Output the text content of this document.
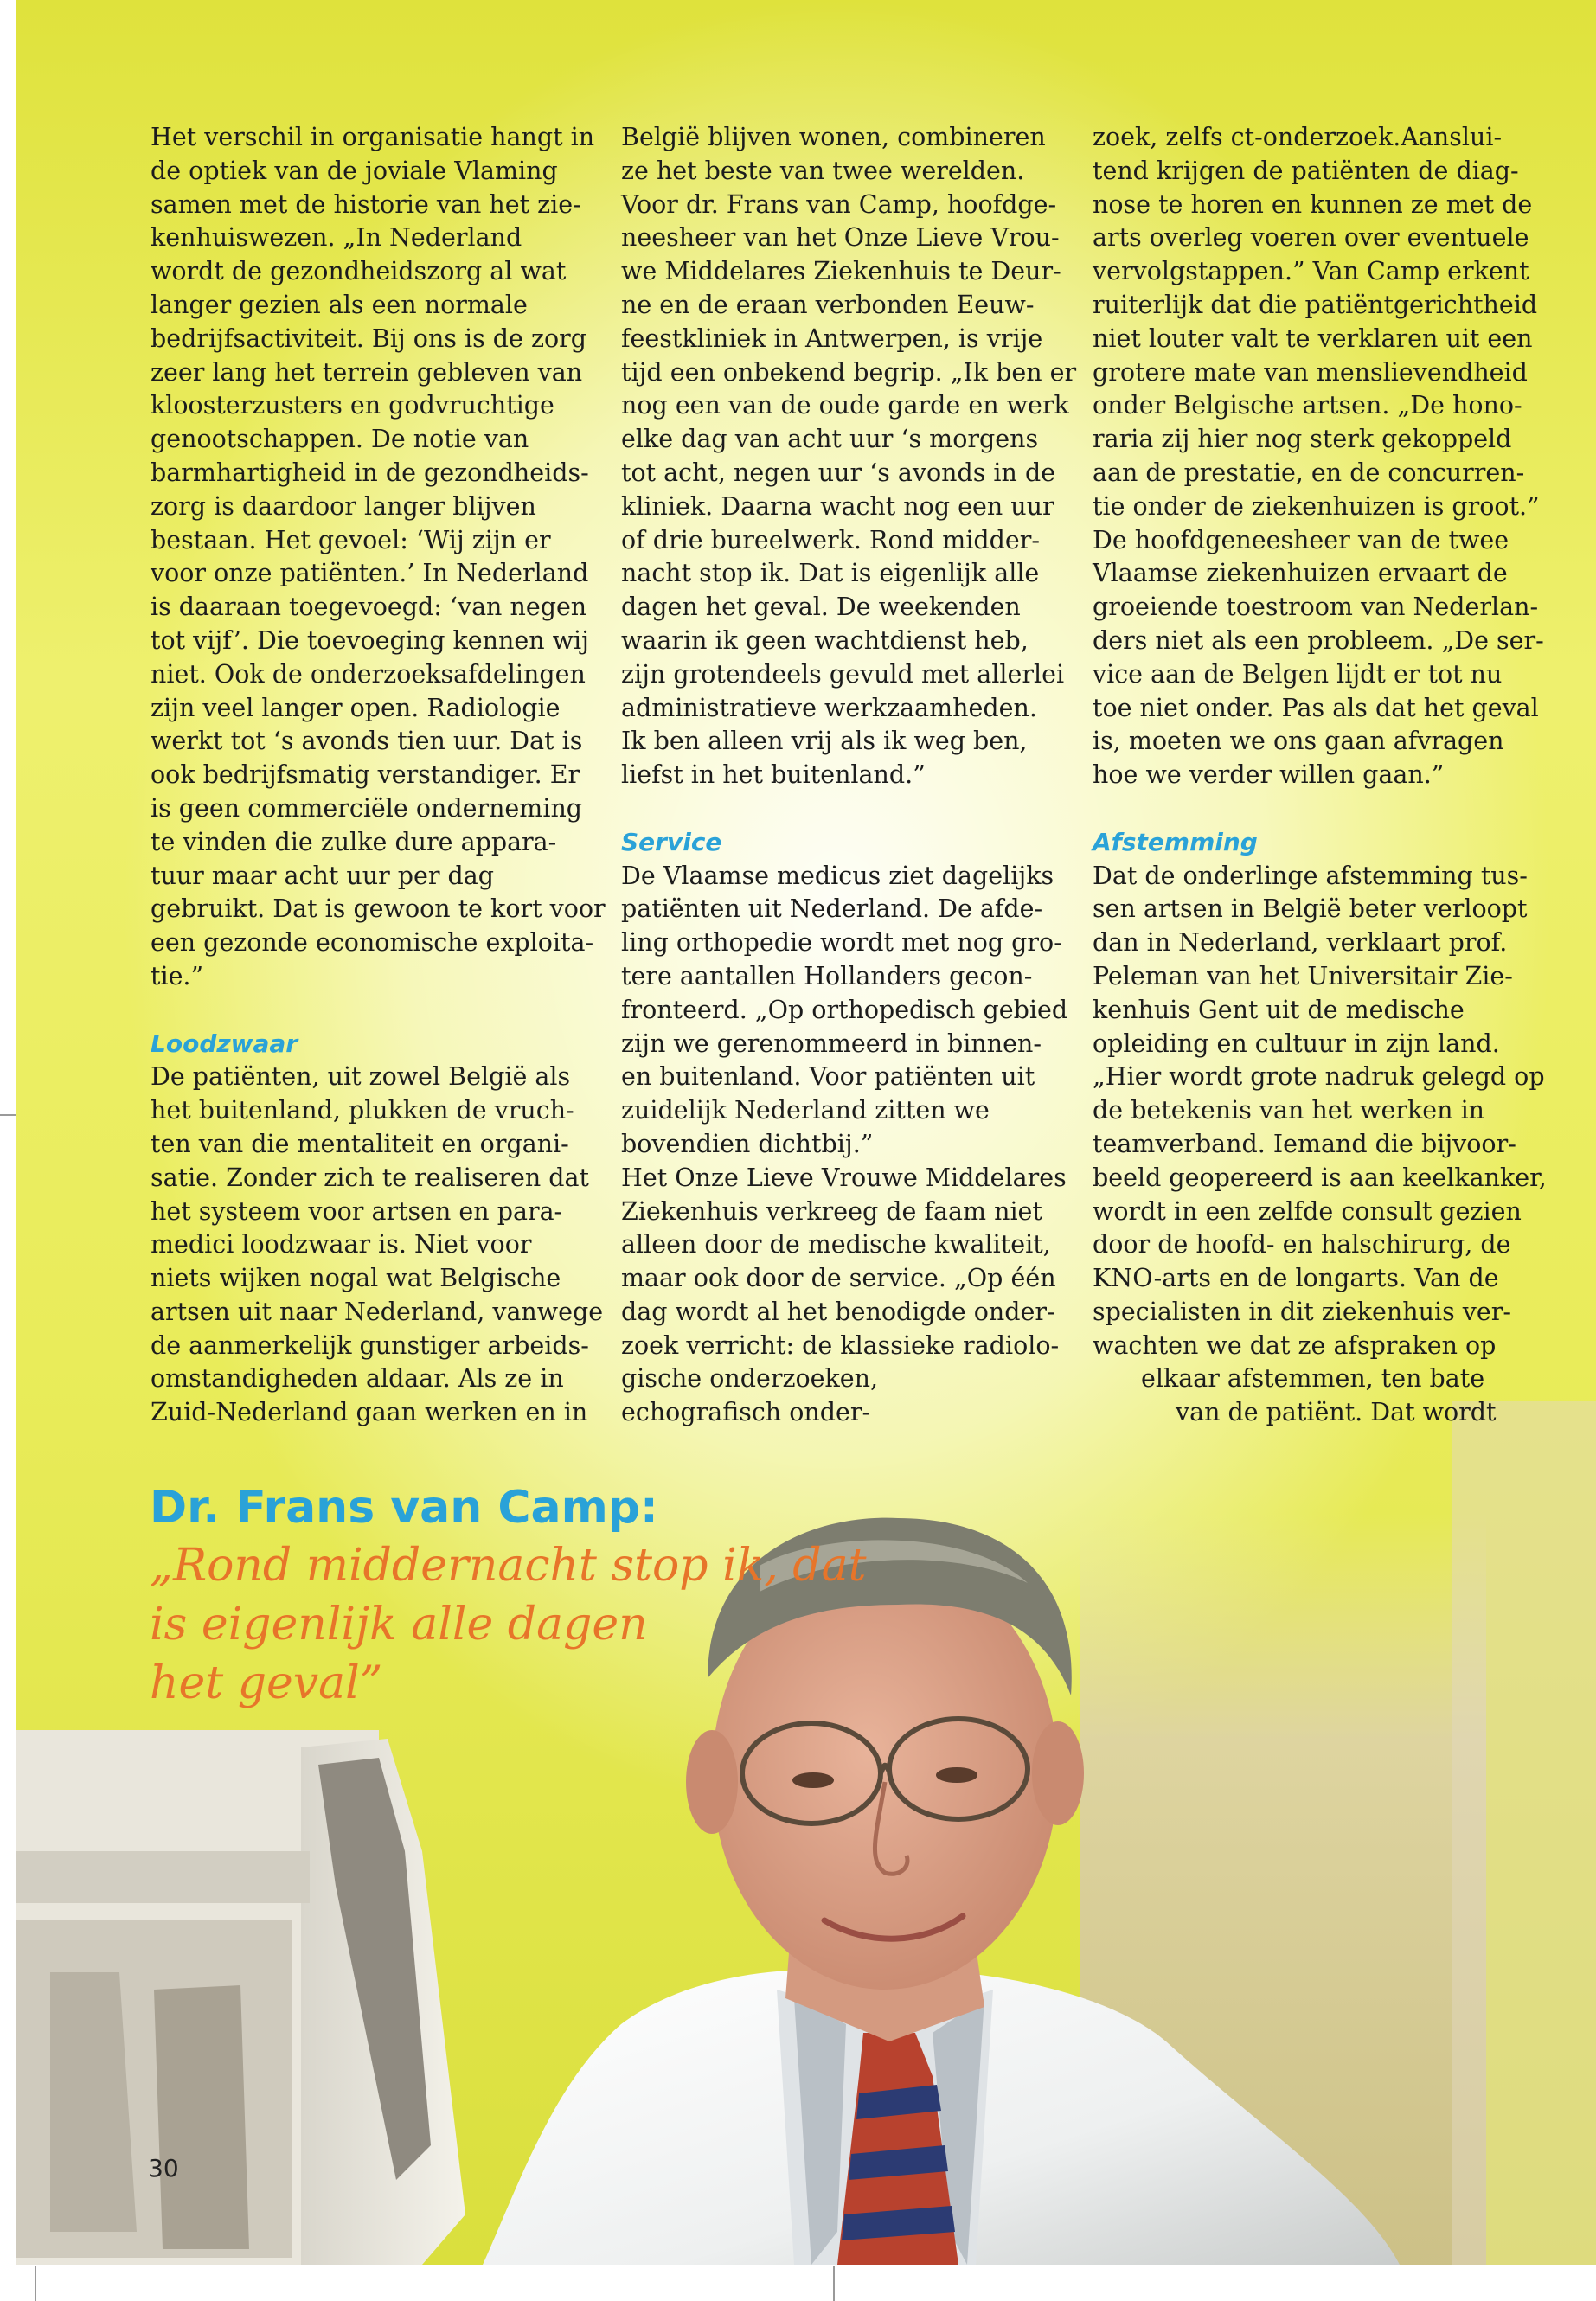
Het verschil in organisatie hangt in

de optiek van de joviale Vlaming

samen met de historie van het zie-

kenhuiswezen. „In Nederland

wordt de gezondheidszorg al wat

langer gezien als een normale

bedrijfsactiviteit. Bij ons is de zorg

zeer lang het terrein gebleven van

kloosterzusters en godvruchtige

genootschappen. De notie van

barmhartigheid in de gezondheids-

zorg is daardoor langer blijven

bestaan. Het gevoel: ‘Wij zijn er

voor onze patiënten.’ In Nederland

is daaraan toegevoegd: ‘van negen

tot vijf’. Die toevoeging kennen wij

niet. Ook de onderzoeksafdelingen

zijn veel langer open. Radiologie

werkt tot ‘s avonds tien uur. Dat is

ook bedrijfsmatig verstandiger. Er

is geen commerciële onderneming

te vinden die zulke dure appara-

tuur maar acht uur per dag

gebruikt. Dat is gewoon te kort voor

een gezonde economische exploita-

tie.”

Loodzwaar

De patiënten, uit zowel België als

het buitenland, plukken de vruch-

ten van die mentaliteit en organi-

satie. Zonder zich te realiseren dat

het systeem voor artsen en para-

medici loodzwaar is. Niet voor

niets wijken nogal wat Belgische

artsen uit naar Nederland, vanwege

de aanmerkelijk gunstiger arbeids-

omstandigheden aldaar. Als ze in

Zuid-Nederland gaan werken en in

België blijven wonen, combineren

ze het beste van twee werelden.

Voor dr. Frans van Camp, hoofdge-

neesheer van het Onze Lieve Vrou-

we Middelares Ziekenhuis te Deur-

ne en de eraan verbonden Eeuw-

feestkliniek in Antwerpen, is vrije

tijd een onbekend begrip. „Ik ben er

nog een van de oude garde en werk

elke dag van acht uur ‘s morgens

tot acht, negen uur ‘s avonds in de

kliniek. Daarna wacht nog een uur

of drie bureelwerk. Rond midder-

nacht stop ik. Dat is eigenlijk alle

dagen het geval. De weekenden

waarin ik geen wachtdienst heb,

zijn grotendeels gevuld met allerlei

administratieve werkzaamheden.

Ik ben alleen vrij als ik weg ben,

liefst in het buitenland.”

Service

De Vlaamse medicus ziet dagelijks

patiënten uit Nederland. De afde-

ling orthopedie wordt met nog gro-

tere aantallen Hollanders gecon-

fronteerd. „Op orthopedisch gebied

zijn we gerenommeerd in binnen-

en buitenland. Voor patiënten uit

zuidelijk Nederland zitten we

bovendien dichtbij.”

Het Onze Lieve Vrouwe Middelares

Ziekenhuis verkreeg de faam niet

alleen door de medische kwaliteit,

maar ook door de service. „Op één

dag wordt al het benodigde onder-

zoek verricht: de klassieke radiolo-

gische onderzoeken,

echografisch onder-

zoek, zelfs ct-onderzoek.Aanslui-

tend krijgen de patiënten de diag-

nose te horen en kunnen ze met de

arts overleg voeren over eventuele

vervolgstappen.” Van Camp erkent

ruiterlijk dat die patiëntgerichtheid

niet louter valt te verklaren uit een

grotere mate van menslievendheid

onder Belgische artsen. „De hono-

raria zij hier nog sterk gekoppeld

aan de prestatie, en de concurren-

tie onder de ziekenhuizen is groot.”

De hoofdgeneesheer van de twee

Vlaamse ziekenhuizen ervaart de

groeiende toestroom van Nederlan-

ders niet als een probleem. „De ser-

vice aan de Belgen lijdt er tot nu

toe niet onder. Pas als dat het geval

is, moeten we ons gaan afvragen

hoe we verder willen gaan.”

Afstemming

Dat de onderlinge afstemming tus-

sen artsen in België beter verloopt

dan in Nederland, verklaart prof.

Peleman van het Universitair Zie-

kenhuis Gent uit de medische

opleiding en cultuur in zijn land.

„Hier wordt grote nadruk gelegd op

de betekenis van het werken in

teamverband. Iemand die bijvoor-

beeld geopereerd is aan keelkanker,

wordt in een zelfde consult gezien

door de hoofd- en halschirurg, de

KNO-arts en de longarts. Van de

specialisten in dit ziekenhuis ver-

wachten we dat ze afspraken op

elkaar afstemmen, ten bate

van de patiënt. Dat wordt

Dr. Frans van Camp:

„Rond middernacht stop ik, dat

is eigenlijk alle dagen

het geval”

30
